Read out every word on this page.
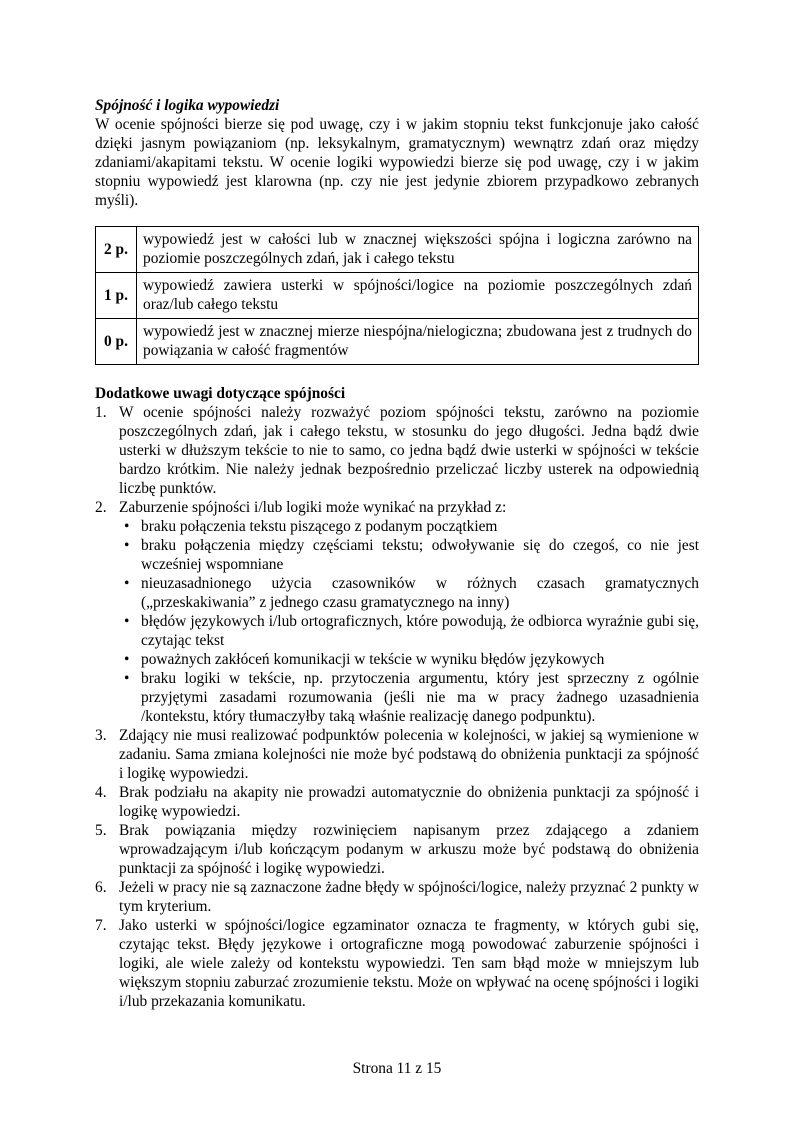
Spójność i logika wypowiedzi

W ocenie spójności bierze się pod uwagę, czy i w jakim stopniu tekst funkcjonuje jako całość dzięki jasnym powiązaniom (np. leksykalnym, gramatycznym) wewnątrz zdań oraz między zdaniami/akapitami tekstu. W ocenie logiki wypowiedzi bierze się pod uwagę, czy i w jakim stopniu wypowiedź jest klarowna (np. czy nie jest jedynie zbiorem przypadkowo zebranych myśli).

2 p.	wypowiedź jest w całości lub w znacznej większości spójna i logiczna zarówno na poziomie poszczególnych zdań, jak i całego tekstu
1 p.	wypowiedź zawiera usterki w spójności/logice na poziomie poszczególnych zdań oraz/lub całego tekstu
0 p.	wypowiedź jest w znacznej mierze niespójna/nielogiczna; zbudowana jest z trudnych do powiązania w całość fragmentów

Dodatkowe uwagi dotyczące spójności

1. W ocenie spójności należy rozważyć poziom spójności tekstu, zarówno na poziomie poszczególnych zdań, jak i całego tekstu, w stosunku do jego długości. Jedna bądź dwie usterki w dłuższym tekście to nie to samo, co jedna bądź dwie usterki w spójności w tekście bardzo krótkim. Nie należy jednak bezpośrednio przeliczać liczby usterek na odpowiednią liczbę punktów.
2. Zaburzenie spójności i/lub logiki może wynikać na przykład z:
• braku połączenia tekstu piszącego z podanym początkiem
• braku połączenia między częściami tekstu; odwoływanie się do czegoś, co nie jest wcześniej wspomniane
• nieuzasadnionego użycia czasowników w różnych czasach gramatycznych („przeskakiwania” z jednego czasu gramatycznego na inny)
• błędów językowych i/lub ortograficznych, które powodują, że odbiorca wyraźnie gubi się, czytając tekst
• poważnych zakłóceń komunikacji w tekście w wyniku błędów językowych
• braku logiki w tekście, np. przytoczenia argumentu, który jest sprzeczny z ogólnie przyjętymi zasadami rozumowania (jeśli nie ma w pracy żadnego uzasadnienia /kontekstu, który tłumaczyłby taką właśnie realizację danego podpunktu).
3. Zdający nie musi realizować podpunktów polecenia w kolejności, w jakiej są wymienione w zadaniu. Sama zmiana kolejności nie może być podstawą do obniżenia punktacji za spójność i logikę wypowiedzi.
4. Brak podziału na akapity nie prowadzi automatycznie do obniżenia punktacji za spójność i logikę wypowiedzi.
5. Brak powiązania między rozwinięciem napisanym przez zdającego a zdaniem wprowadzającym i/lub kończącym podanym w arkuszu może być podstawą do obniżenia punktacji za spójność i logikę wypowiedzi.
6. Jeżeli w pracy nie są zaznaczone żadne błędy w spójności/logice, należy przyznać 2 punkty w tym kryterium.
7. Jako usterki w spójności/logice egzaminator oznacza te fragmenty, w których gubi się, czytając tekst. Błędy językowe i ortograficzne mogą powodować zaburzenie spójności i logiki, ale wiele zależy od kontekstu wypowiedzi. Ten sam błąd może w mniejszym lub większym stopniu zaburzać zrozumienie tekstu. Może on wpływać na ocenę spójności i logiki i/lub przekazania komunikatu.
Strona 11 z 15
